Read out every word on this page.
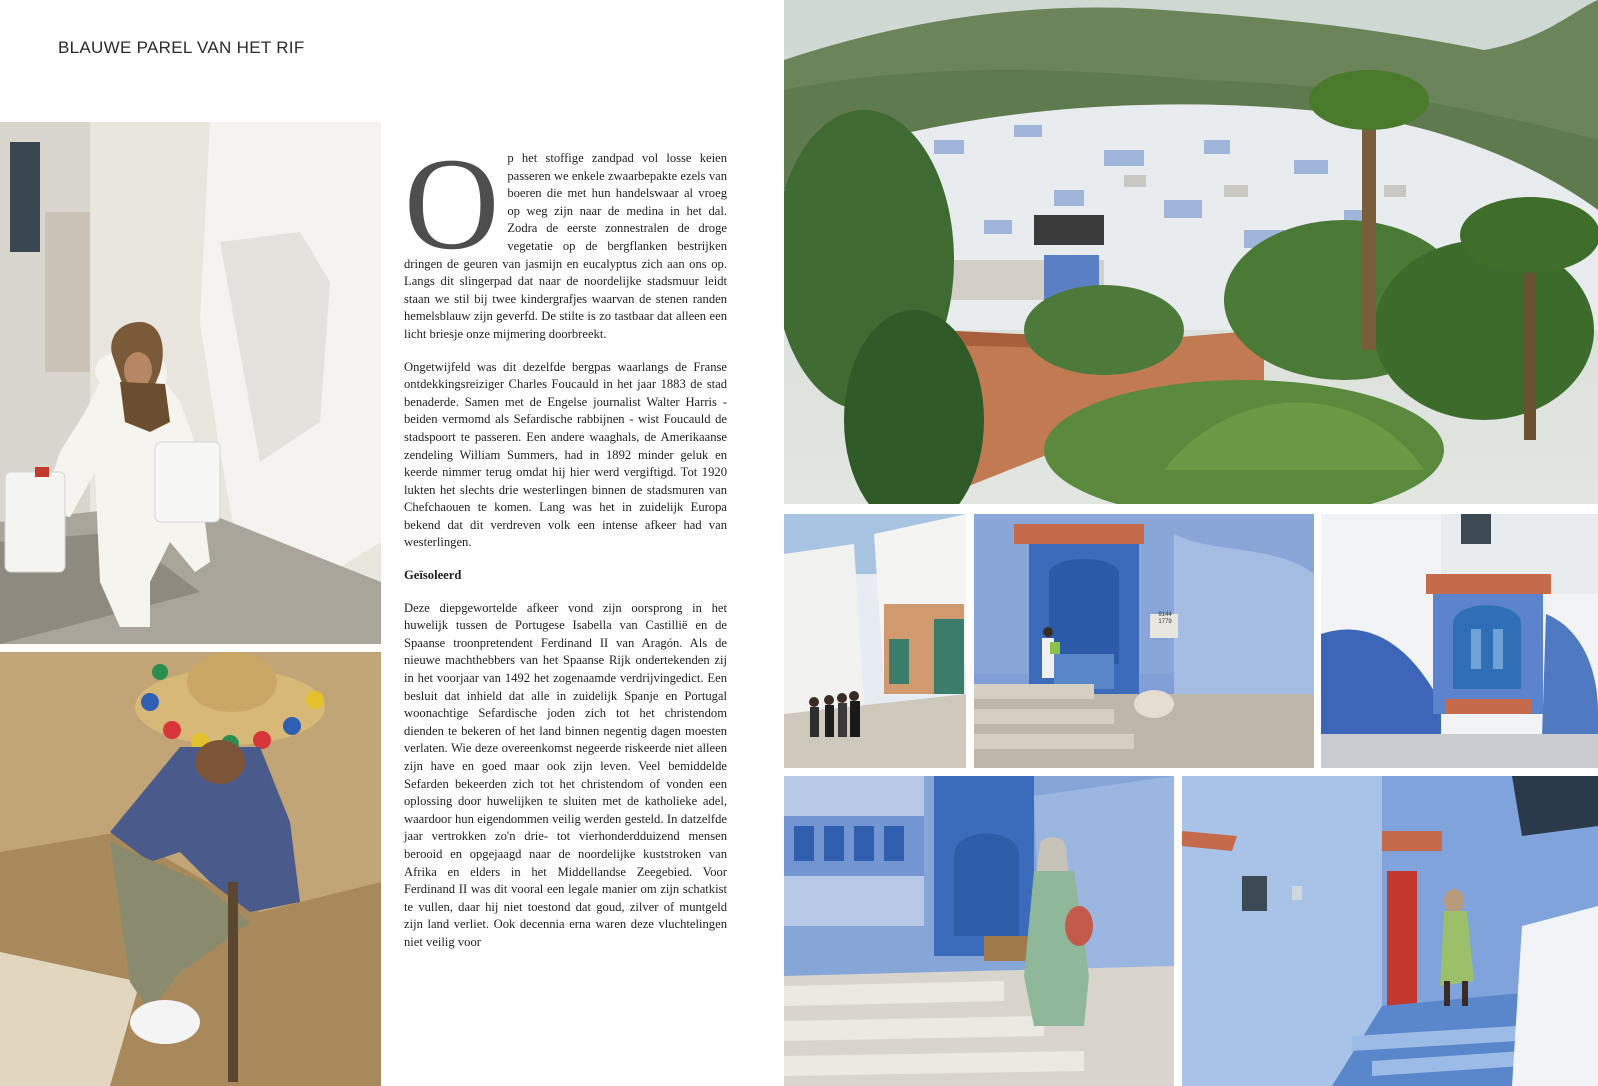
BLAUWE PAREL VAN HET RIF

O p het stoffige zandpad vol losse keien passeren we enkele zwaarbepakte ezels van boeren die met hun handelswaar al vroeg op weg zijn naar de medina in het dal. Zodra de eerste zonnestralen de droge vegetatie op de bergflanken bestrijken dringen de geuren van jasmijn en eucalyptus zich aan ons op. Langs dit slingerpad dat naar de noordelijke stadsmuur leidt staan we stil bij twee kindergrafjes waarvan de stenen randen hemelsblauw zijn geverfd. De stilte is zo tastbaar dat alleen een licht briesje onze mijmering doorbreekt.

Ongetwijfeld was dit dezelfde bergpas waarlangs de Franse ontdekkingsreiziger Charles Foucauld in het jaar 1883 de stad benaderde. Samen met de Engelse journalist Walter Harris - beiden vermomd als Sefardische rabbijnen - wist Foucauld de stadspoort te passeren. Een andere waaghals, de Amerikaanse zendeling William Summers, had in 1892 minder geluk en keerde nimmer terug omdat hij hier werd vergiftigd. Tot 1920 lukten het slechts drie westerlingen binnen de stadsmuren van Chefchaouen te komen. Lang was het in zuidelijk Europa bekend dat dit verdreven volk een intense afkeer had van westerlingen.

Geïsoleerd

Deze diepgewortelde afkeer vond zijn oorsprong in het huwelijk tussen de Portugese Isabella van Castillië en de Spaanse troonpretendent Ferdinand II van Aragón. Als de nieuwe machthebbers van het Spaanse Rijk ondertekenden zij in het voorjaar van 1492 het zogenaamde verdrijvingedict. Een besluit dat inhield dat alle in zuidelijk Spanje en Portugal woonachtige Sefardische joden zich tot het christendom dienden te bekeren of het land binnen negentig dagen moesten verlaten. Wie deze overeenkomst negeerde riskeerde niet alleen zijn have en goed maar ook zijn leven. Veel bemiddelde Sefarden bekeerden zich tot het christendom of vonden een oplossing door huwelijken te sluiten met de katholieke adel, waardoor hun eigendommen veilig werden gesteld. In datzelfde jaar vertrokken zo'n drie- tot vierhonderdduizend mensen berooid en opgejaagd naar de noordelijke kuststroken van Afrika en elders in het Middellandse Zeegebied. Voor Ferdinand II was dit vooral een legale manier om zijn schatkist te vullen, daar hij niet toestond dat goud, zilver of muntgeld zijn land verliet. Ook decennia erna waren deze vluchtelingen niet veilig voor

9144 1779
